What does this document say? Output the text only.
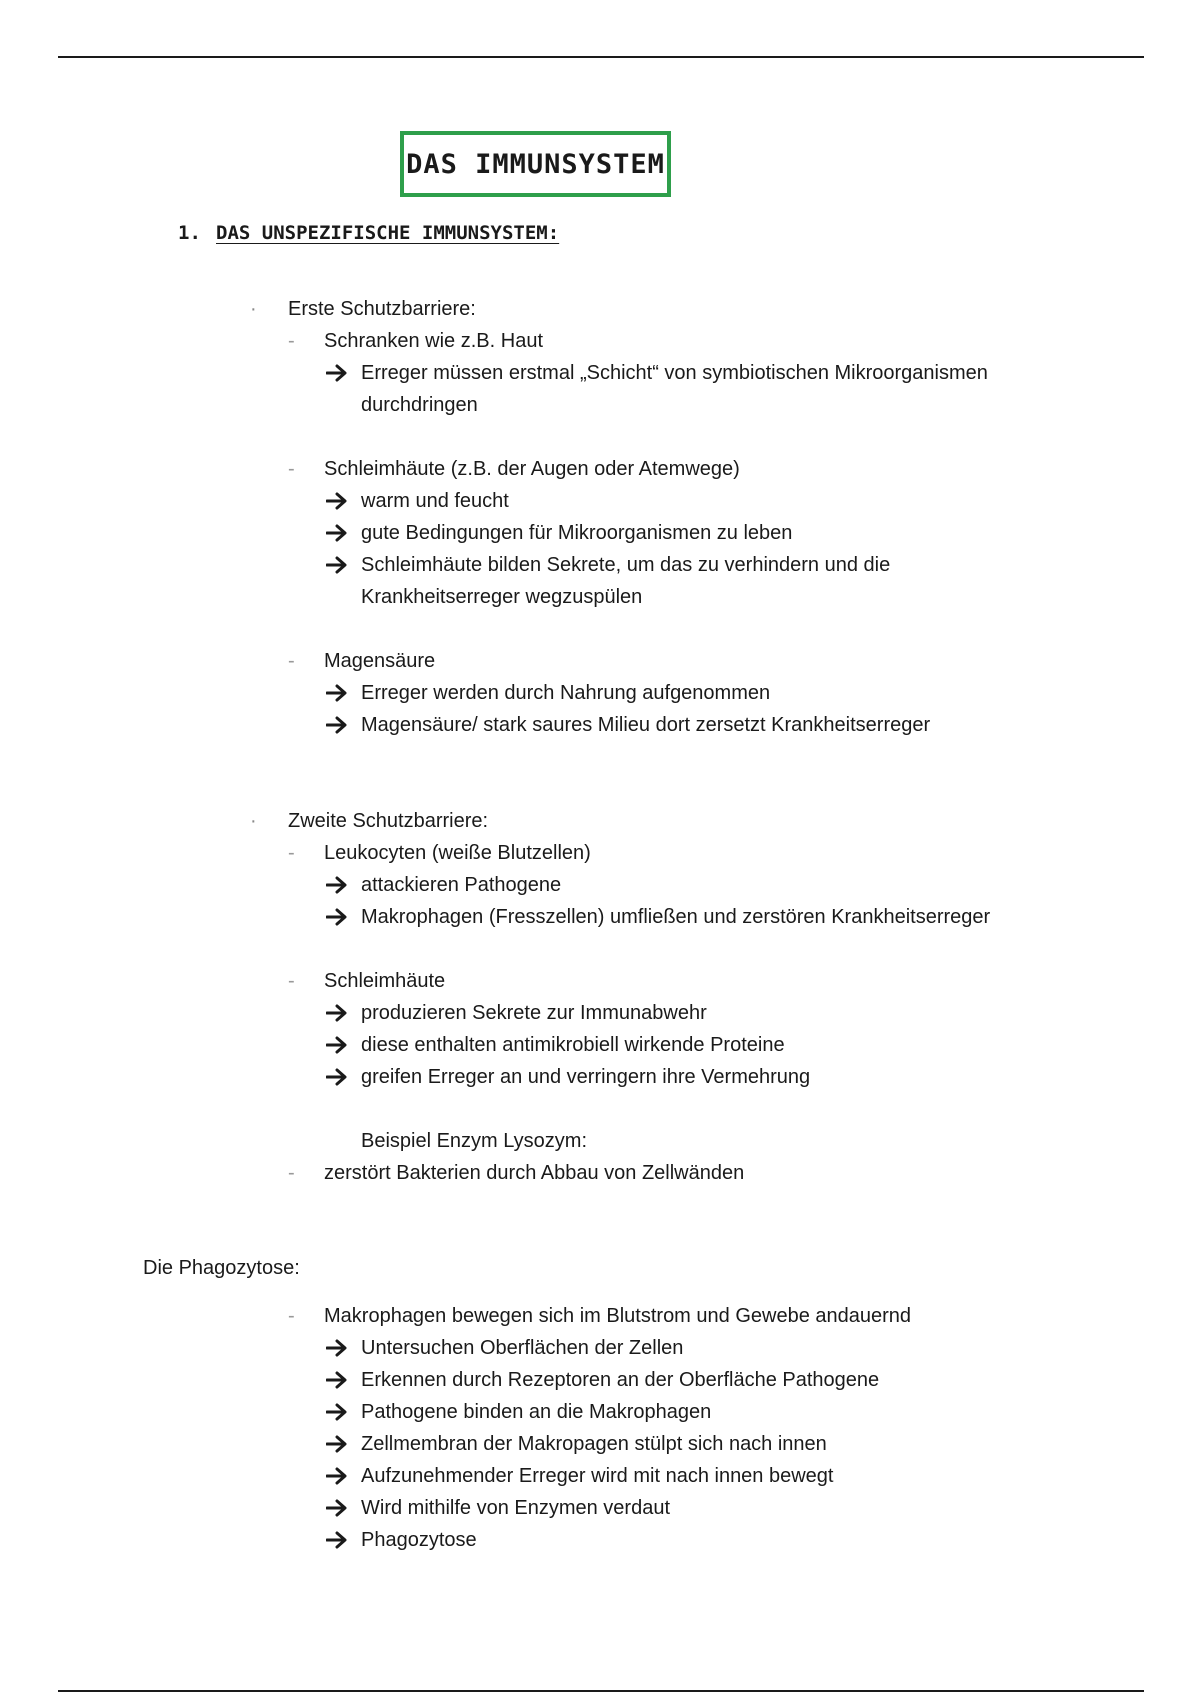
DAS IMMUNSYSTEM
1. DAS UNSPEZIFISCHE IMMUNSYSTEM:
· Erste Schutzbarriere:
- Schranken wie z.B. Haut
Erreger müssen erstmal „Schicht“ von symbiotischen Mikroorganismen
durchdringen
- Schleimhäute (z.B. der Augen oder Atemwege)
warm und feucht
gute Bedingungen für Mikroorganismen zu leben
Schleimhäute bilden Sekrete, um das zu verhindern und die
Krankheitserreger wegzuspülen
- Magensäure
Erreger werden durch Nahrung aufgenommen
Magensäure/ stark saures Milieu dort zersetzt Krankheitserreger
· Zweite Schutzbarriere:
- Leukocyten (weiße Blutzellen)
attackieren Pathogene
Makrophagen (Fresszellen) umfließen und zerstören Krankheitserreger
- Schleimhäute
produzieren Sekrete zur Immunabwehr
diese enthalten antimikrobiell wirkende Proteine
greifen Erreger an und verringern ihre Vermehrung
Beispiel Enzym Lysozym:
- zerstört Bakterien durch Abbau von Zellwänden
Die Phagozytose:
- Makrophagen bewegen sich im Blutstrom und Gewebe andauernd
Untersuchen Oberflächen der Zellen
Erkennen durch Rezeptoren an der Oberfläche Pathogene
Pathogene binden an die Makrophagen
Zellmembran der Makropagen stülpt sich nach innen
Aufzunehmender Erreger wird mit nach innen bewegt
Wird mithilfe von Enzymen verdaut
Phagozytose
